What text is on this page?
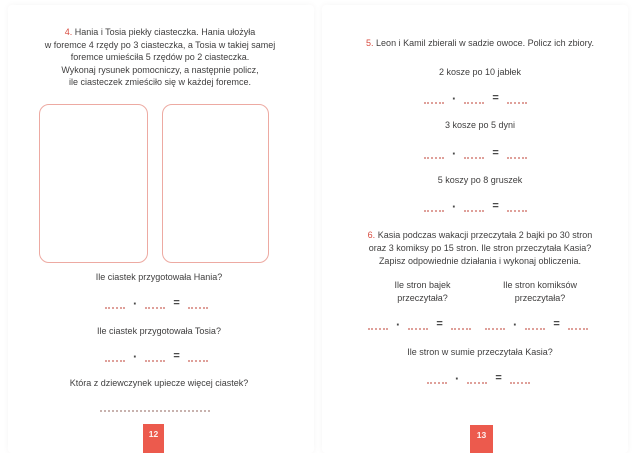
4. Hania i Tosia piekły ciasteczka. Hania ułożyła
w foremce 4 rzędy po 3 ciasteczka, a Tosia w takiej samej
foremce umieściła 5 rzędów po 2 ciasteczka.
Wykonaj rysunek pomocniczy, a następnie policz,
ile ciasteczek zmieściło się w każdej foremce.
Ile ciastek przygotowała Hania?
·	=
Ile ciastek przygotowała Tosia?
·	=
Która z dziewczynek upiecze więcej ciastek?
12
5. Leon i Kamil zbierali w sadzie owoce. Policz ich zbiory.
2 kosze po 10 jabłek
·	=
3 kosze po 5 dyni
·	=
5 koszy po 8 gruszek
·	=
6. Kasia podczas wakacji przeczytała 2 bajki po 30 stron
oraz 3 komiksy po 15 stron. Ile stron przeczytała Kasia?
Zapisz odpowiednie działania i wykonaj obliczenia.
Ile stron bajek
przeczytała?
Ile stron komiksów
przeczytała?
·	=	·	=
Ile stron w sumie przeczytała Kasia?
·	=
13
